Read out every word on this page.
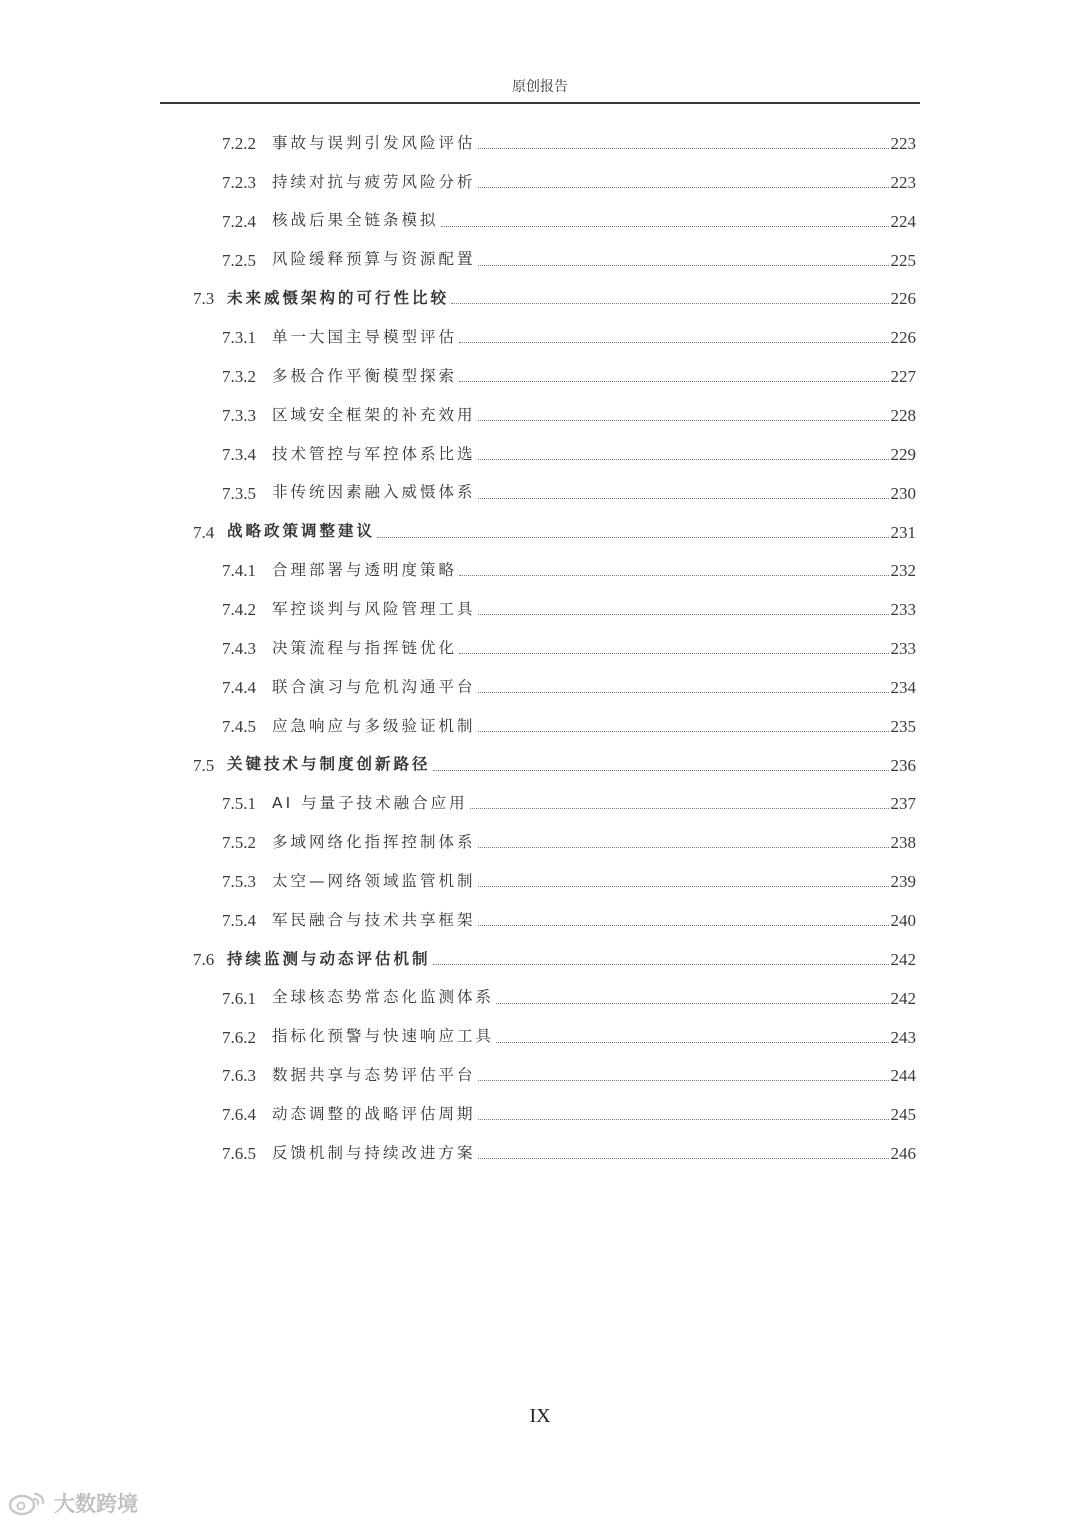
原创报告
7.2.2	事故与误判引发风险评估	223
7.2.3	持续对抗与疲劳风险分析	223
7.2.4	核战后果全链条模拟	224
7.2.5	风险缓释预算与资源配置	225
7.3 未来威慑架构的可行性比较	226
7.3.1	单一大国主导模型评估	226
7.3.2	多极合作平衡模型探索	227
7.3.3	区域安全框架的补充效用	228
7.3.4	技术管控与军控体系比选	229
7.3.5	非传统因素融入威慑体系	230
7.4 战略政策调整建议	231
7.4.1	合理部署与透明度策略	232
7.4.2	军控谈判与风险管理工具	233
7.4.3	决策流程与指挥链优化	233
7.4.4	联合演习与危机沟通平台	234
7.4.5	应急响应与多级验证机制	235
7.5 关键技术与制度创新路径	236
7.5.1	AI 与量子技术融合应用	237
7.5.2	多域网络化指挥控制体系	238
7.5.3	太空—网络领域监管机制	239
7.5.4	军民融合与技术共享框架	240
7.6 持续监测与动态评估机制	242
7.6.1	全球核态势常态化监测体系	242
7.6.2	指标化预警与快速响应工具	243
7.6.3	数据共享与态势评估平台	244
7.6.4	动态调整的战略评估周期	245
7.6.5	反馈机制与持续改进方案	246
IX
大数跨境
